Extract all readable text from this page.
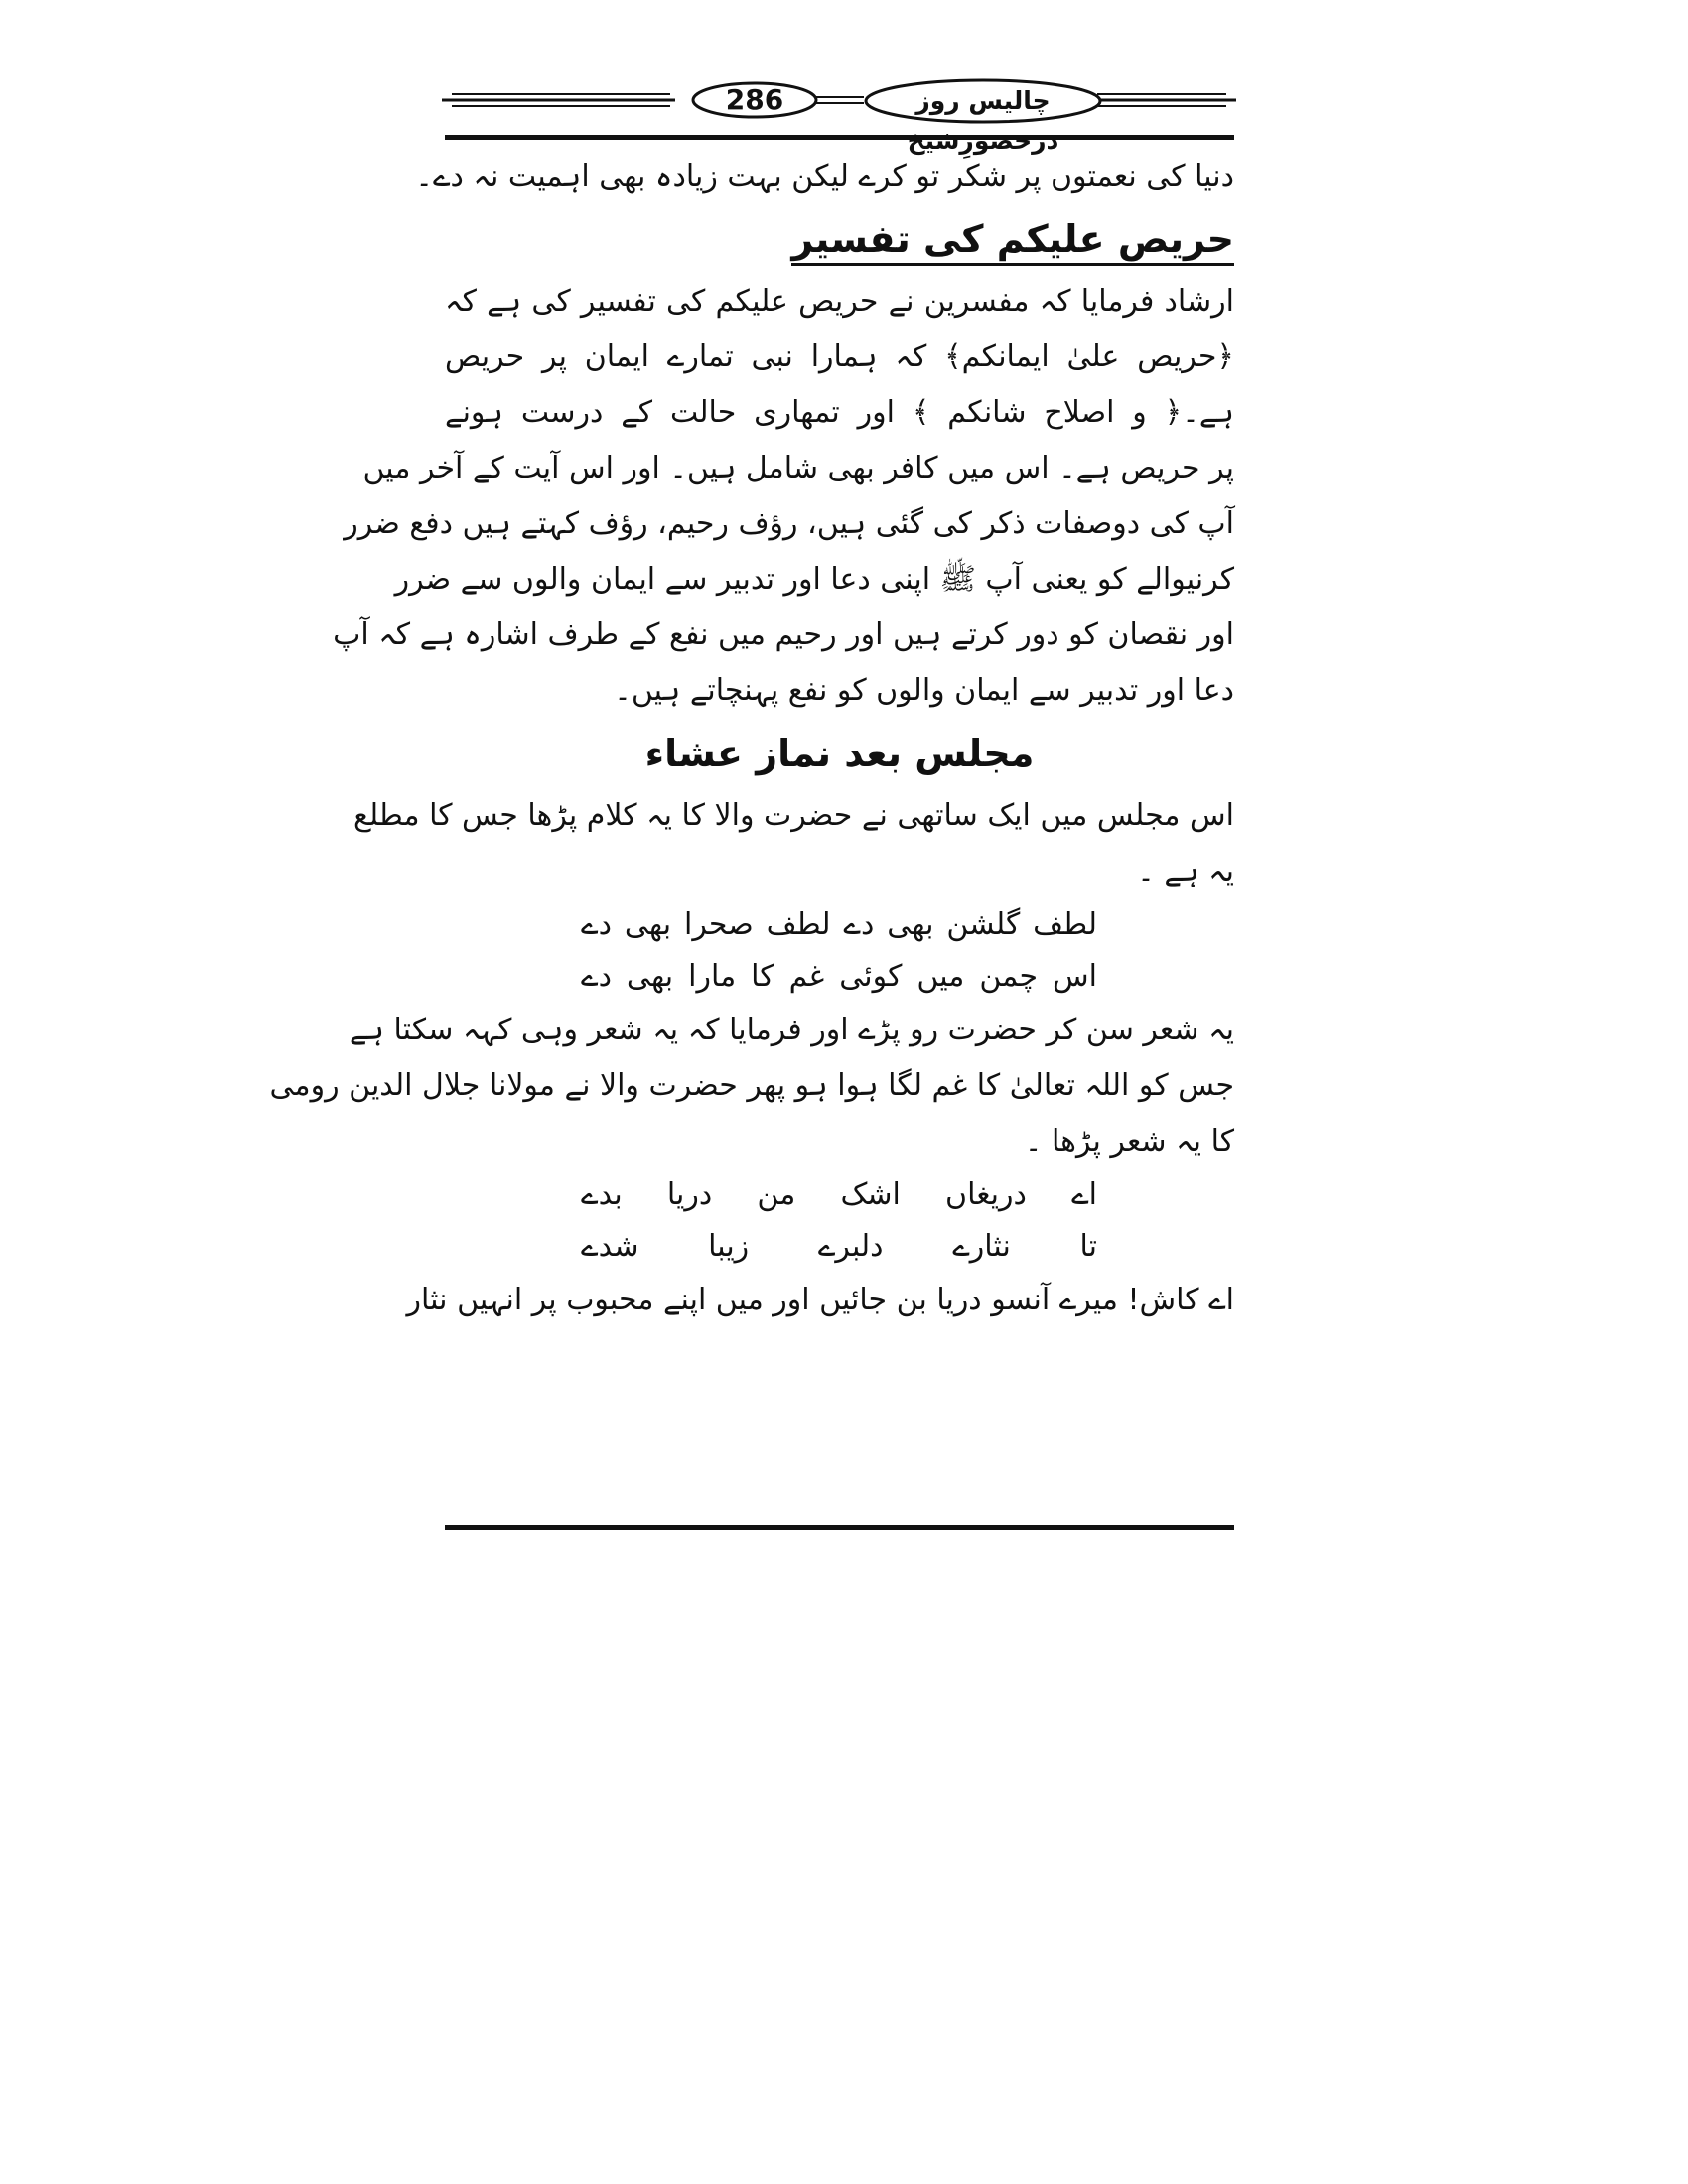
286	چالیس روز درحضورِشیخ
دنیا کی نعمتوں پر شکر تو کرے لیکن بہت زیادہ بھی اہمیت نہ دے۔
حریص علیکم کی تفسیر
ارشاد فرمایا کہ مفسرین نے حریص علیکم کی تفسیر کی ہے کہ
﴿حریص علیٰ ایمانکم﴾ کہ ہمارا نبی تمارے ایمان پر حریص
ہے۔﴿ و اصلاح شانکم ﴾ اور تمھاری حالت کے درست ہونے
پر حریص ہے۔ اس میں کافر بھی شامل ہیں۔ اور اس آیت کے آخر میں
آپ کی دوصفات ذکر کی گئی ہیں، رؤف رحیم، رؤف کہتے ہیں دفع ضرر
کرنیوالے کو یعنی آپ ﷺ اپنی دعا اور تدبیر سے ایمان والوں سے ضرر
اور نقصان کو دور کرتے ہیں اور رحیم میں نفع کے طرف اشارہ ہے کہ آپ
دعا اور تدبیر سے ایمان والوں کو نفع پہنچاتے ہیں۔
مجلس بعد نماز عشاء
اس مجلس میں ایک ساتھی نے حضرت والا کا یہ کلام پڑھا جس کا مطلع
یہ ہے ۔
لطف گلشن بھی دے لطف صحرا بھی دے
اس چمن میں کوئی غم کا مارا بھی دے
یہ شعر سن کر حضرت رو پڑے اور فرمایا کہ یہ شعر وہی کہہ سکتا ہے
جس کو اللہ تعالیٰ کا غم لگا ہوا ہو پھر حضرت والا نے مولانا جلال الدین رومی
کا یہ شعر پڑھا ۔
اے دریغاں اشک من دریا بدے
تا نثارے دلبرے زیبا شدے
اے کاش! میرے آنسو دریا بن جائیں اور میں اپنے محبوب پر انہیں نثار
